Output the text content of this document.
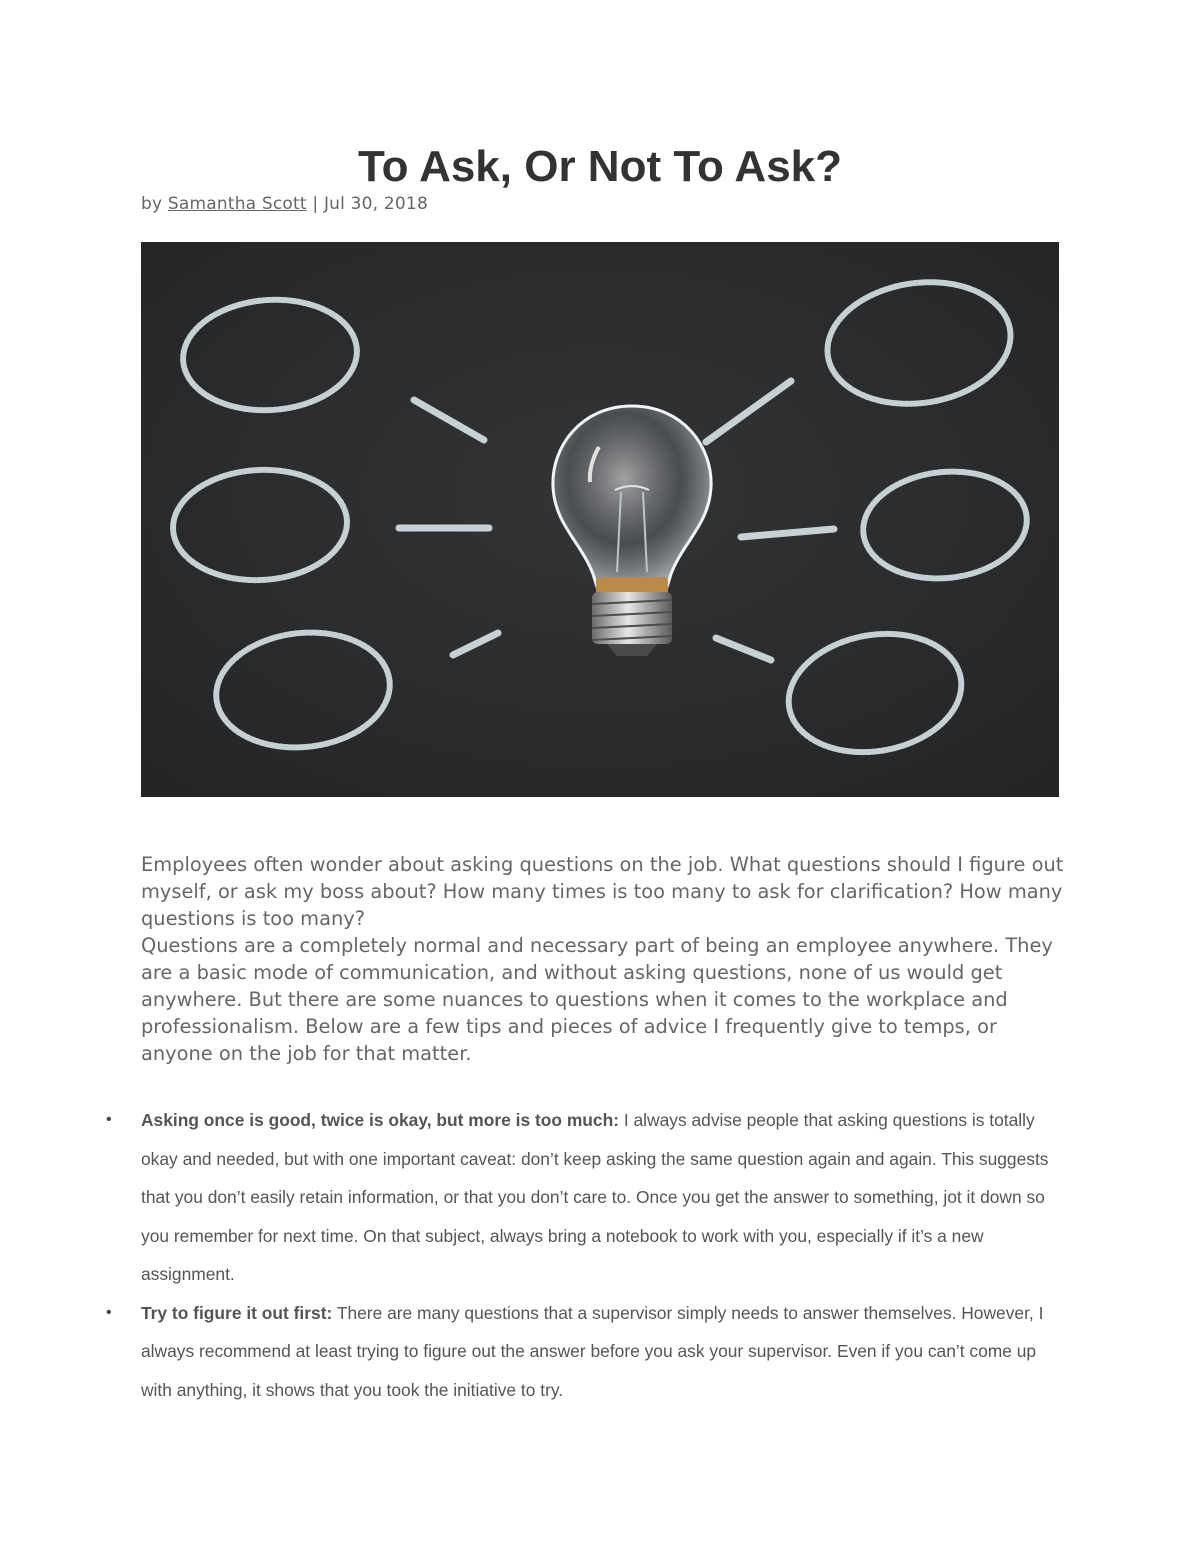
To Ask, Or Not To Ask?
by Samantha Scott | Jul 30, 2018

Employees often wonder about asking questions on the job. What questions should I figure out myself, or ask my boss about? How many times is too many to ask for clarification? How many questions is too many?

Questions are a completely normal and necessary part of being an employee anywhere. They are a basic mode of communication, and without asking questions, none of us would get anywhere. But there are some nuances to questions when it comes to the workplace and professionalism. Below are a few tips and pieces of advice I frequently give to temps, or anyone on the job for that matter.

• Asking once is good, twice is okay, but more is too much: I always advise people that asking questions is totally okay and needed, but with one important caveat: don’t keep asking the same question again and again. This suggests that you don’t easily retain information, or that you don’t care to. Once you get the answer to something, jot it down so you remember for next time. On that subject, always bring a notebook to work with you, especially if it’s a new assignment.
• Try to figure it out first: There are many questions that a supervisor simply needs to answer themselves. However, I always recommend at least trying to figure out the answer before you ask your supervisor. Even if you can’t come up with anything, it shows that you took the initiative to try.
